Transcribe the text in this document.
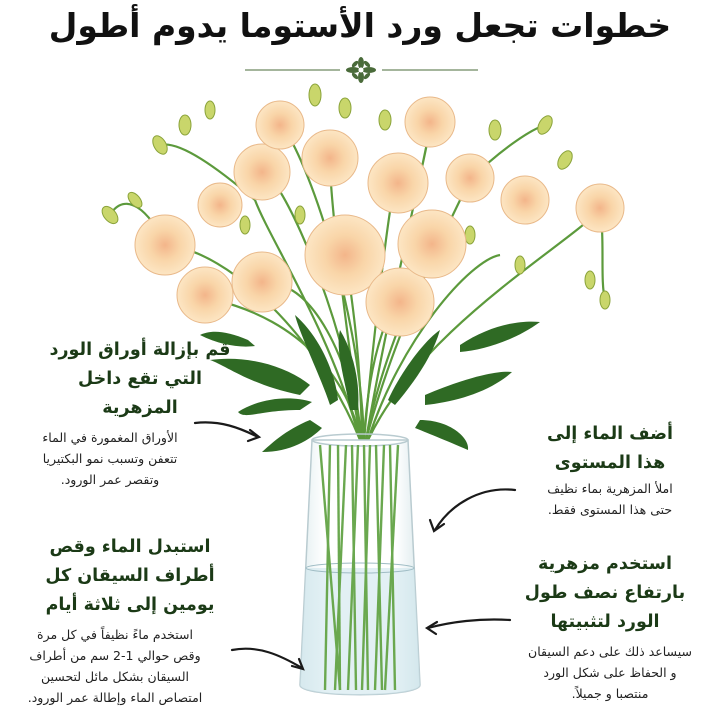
خطوات تجعل ورد الأستوما يدوم أطول
قم بإزالة أوراق الورد
التي تقع داخل
المزهرية
الأوراق المغمورة في الماء
تتعفن وتسبب نمو البكتيريا
وتقصر عمر الورود.
أضف الماء إلى
هذا المستوى
املأ المزهرية بماء نظيف
حتى هذا المستوى فقط.
استبدل الماء وقص
أطراف السيقان كل
يومين إلى ثلاثة أيام
استخدم ماءً نظيفاً في كل مرة
وقص حوالي 1-2 سم من أطراف
السيقان بشكل مائل لتحسين
امتصاص الماء وإطالة عمر الورود.
استخدم مزهرية
بارتفاع نصف طول
الورد لتثبيتها
سيساعد ذلك على دعم السيقان
و الحفاظ على شكل الورد
منتصبا و جميلاً.
